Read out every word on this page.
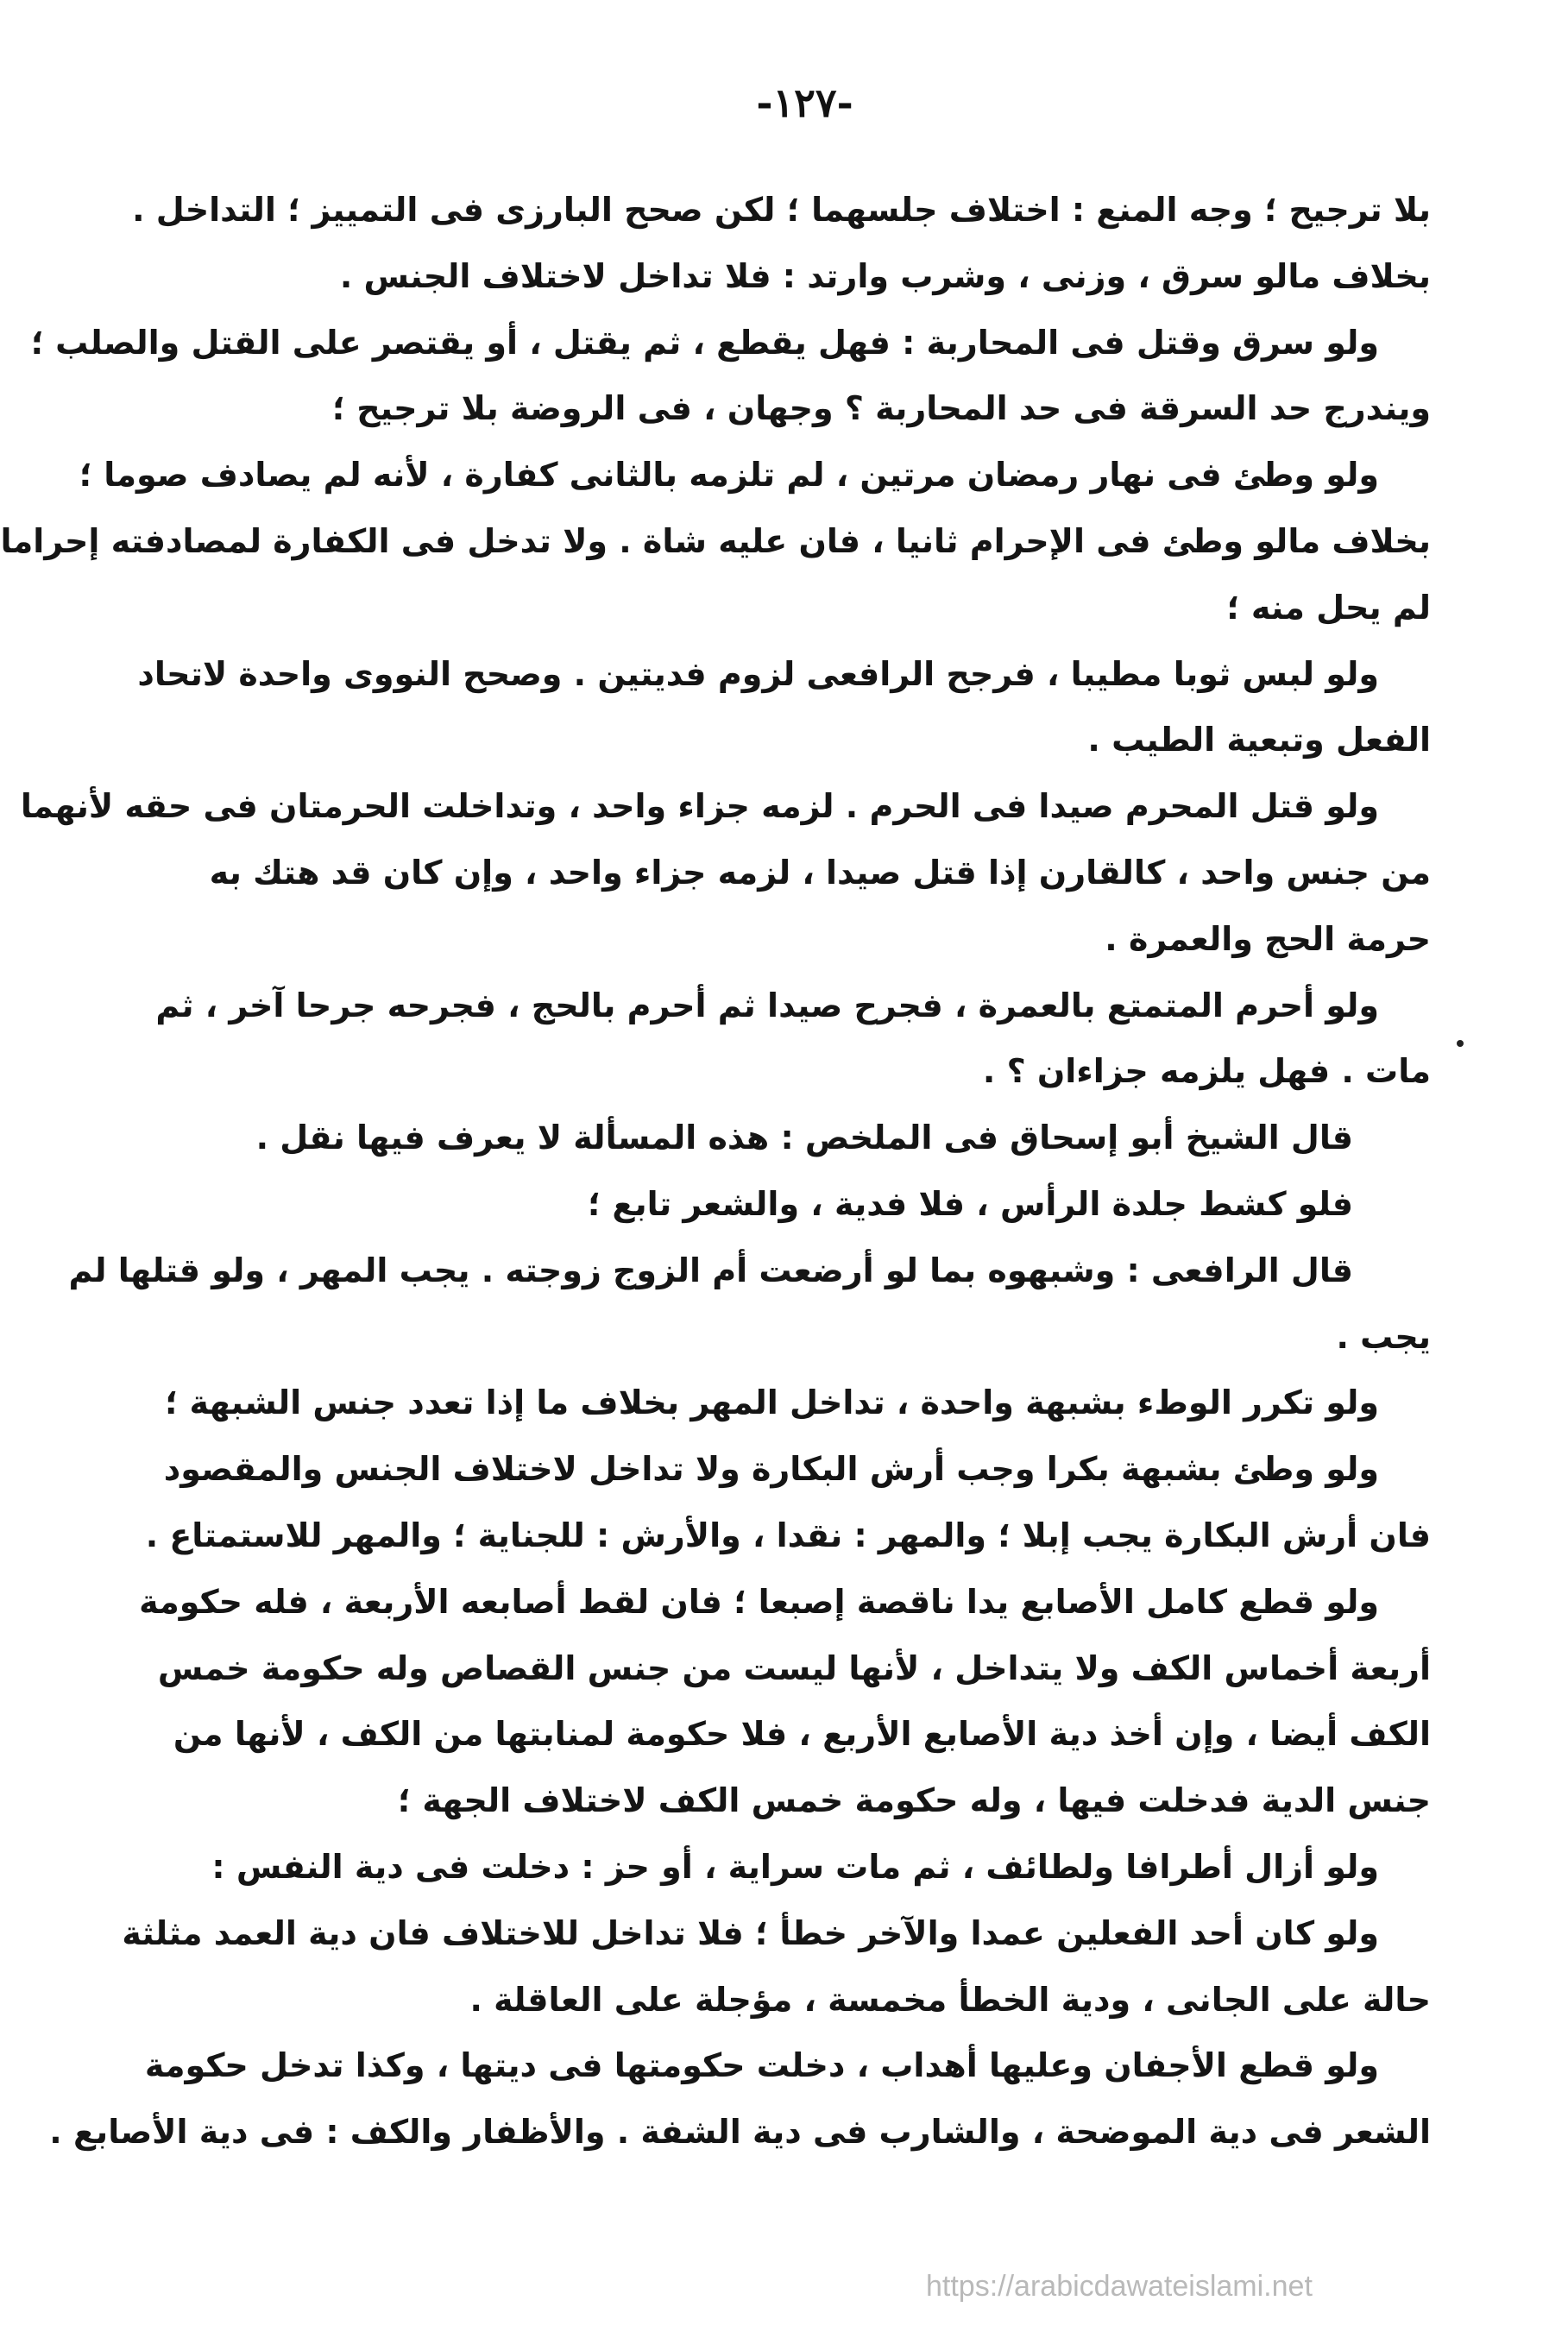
-١٢٧-

بلا ترجيح ؛ وجه المنع : اختلاف جلسهما ؛ لكن صحح البارزى فى التمييز ؛ التداخل .
بخلاف مالو سرق ، وزنى ، وشرب وارتد : فلا تداخل لاختلاف الجنس .

ولو سرق وقتل فى المحاربة : فهل يقطع ، ثم يقتل ، أو يقتصر على القتل والصلب ؛
ويندرج حد السرقة فى حد المحاربة ؟ وجهان ، فى الروضة بلا ترجيح ؛

ولو وطئ فى نهار رمضان مرتين ، لم تلزمه بالثانى كفارة ، لأنه لم يصادف صوما ؛
بخلاف مالو وطئ فى الإحرام ثانيا ، فان عليه شاة . ولا تدخل فى الكفارة لمصادفته إحراما
لم يحل منه ؛

ولو لبس ثوبا مطيبا ، فرجح الرافعى لزوم فديتين . وصحح النووى واحدة لاتحاد
الفعل وتبعية الطيب .

ولو قتل المحرم صيدا فى الحرم . لزمه جزاء واحد ، وتداخلت الحرمتان فى حقه لأنهما
من جنس واحد ، كالقارن إذا قتل صيدا ، لزمه جزاء واحد ، وإن كان قد هتك به
حرمة الحج والعمرة .

ولو أحرم المتمتع بالعمرة ، فجرح صيدا ثم أحرم بالحج ، فجرحه جرحا آخر ، ثم
مات . فهل يلزمه جزاءان ؟ .

قال الشيخ أبو إسحاق فى الملخص : هذه المسألة لا يعرف فيها نقل .

فلو كشط جلدة الرأس ، فلا فدية ، والشعر تابع ؛

قال الرافعى : وشبهوه بما لو أرضعت أم الزوج زوجته . يجب المهر ، ولو قتلها لم
يجب .

ولو تكرر الوطء بشبهة واحدة ، تداخل المهر بخلاف ما إذا تعدد جنس الشبهة ؛

ولو وطئ بشبهة بكرا وجب أرش البكارة ولا تداخل لاختلاف الجنس والمقصود
فان أرش البكارة يجب إبلا ؛ والمهر : نقدا ، والأرش : للجناية ؛ والمهر للاستمتاع .

ولو قطع كامل الأصابع يدا ناقصة إصبعا ؛ فان لقط أصابعه الأربعة ، فله حكومة
أربعة أخماس الكف ولا يتداخل ، لأنها ليست من جنس القصاص وله حكومة خمس
الكف أيضا ، وإن أخذ دية الأصابع الأربع ، فلا حكومة لمنابتها من الكف ، لأنها من
جنس الدية فدخلت فيها ، وله حكومة خمس الكف لاختلاف الجهة ؛

ولو أزال أطرافا ولطائف ، ثم مات سراية ، أو حز : دخلت فى دية النفس :

ولو كان أحد الفعلين عمدا والآخر خطأ ؛ فلا تداخل للاختلاف فان دية العمد مثلثة
حالة على الجانى ، ودية الخطأ مخمسة ، مؤجلة على العاقلة .

ولو قطع الأجفان وعليها أهداب ، دخلت حكومتها فى ديتها ، وكذا تدخل حكومة
الشعر فى دية الموضحة ، والشارب فى دية الشفة . والأظفار والكف : فى دية الأصابع .

https://arabicdawateislami.net
